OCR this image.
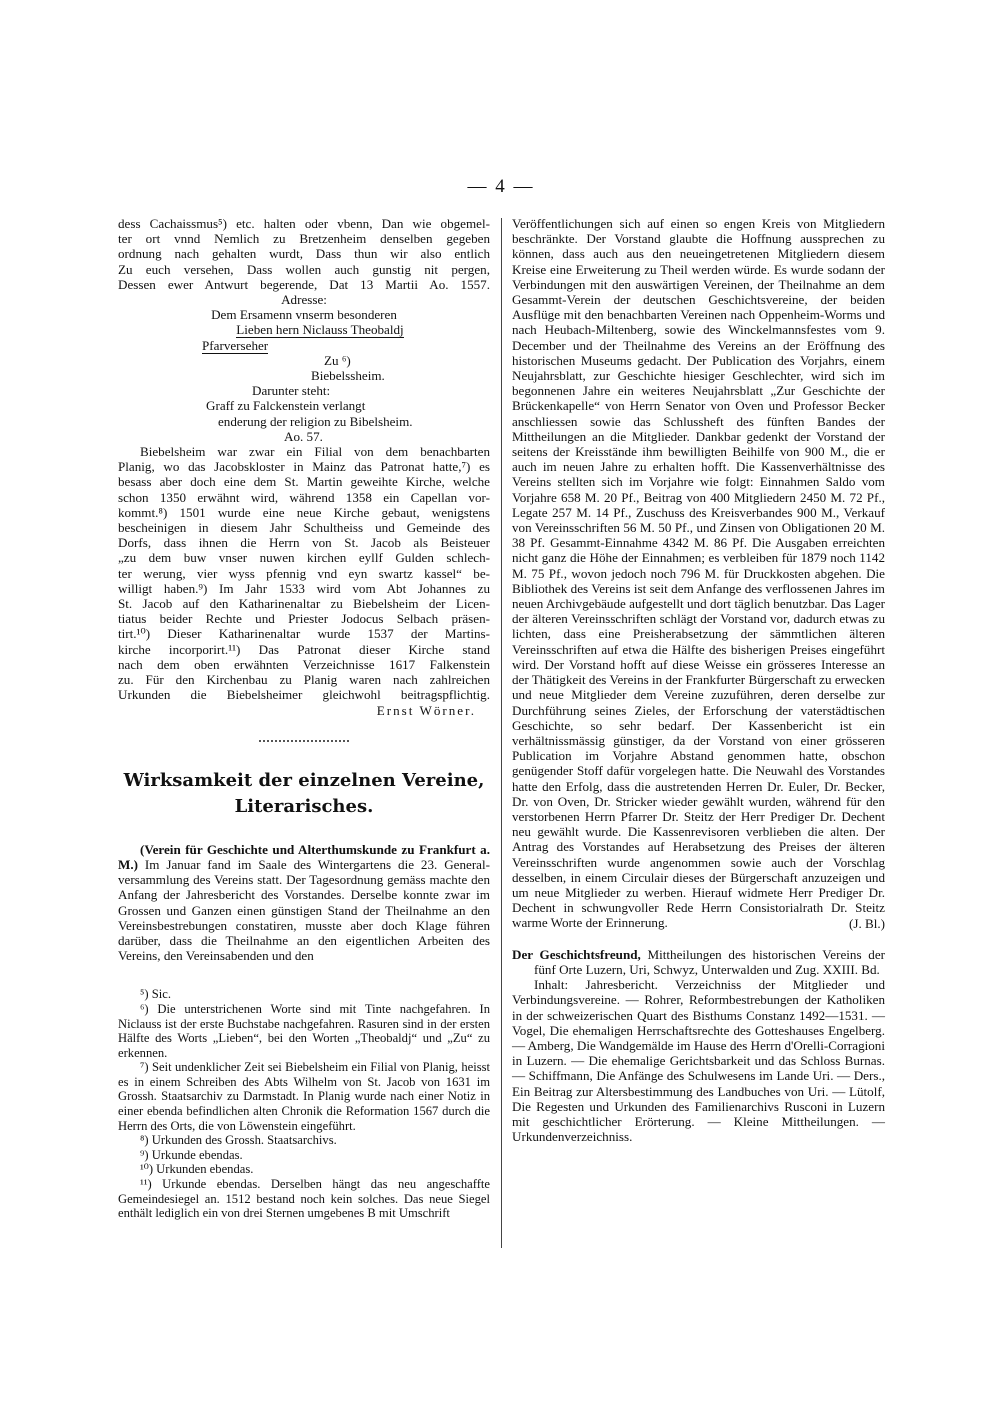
— 4 —

dess Cachaissmus⁵) etc. halten oder vbenn, Dan wie obgemel-

ter ort vnnd Nemlich zu Bretzenheim denselben gegeben

ordnung nach gehalten wurdt, Dass thun wir also entlich

Zu euch versehen, Dass wollen auch gunstig nit pergen,

Dessen ewer Antwurt begerende, Dat 13 Martii Ao. 1557.

Adresse:

Dem Ersamenn vnserm besonderen

Lieben hern Niclauss Theobaldj

Pfarverseher

Zu ⁶)

Biebelssheim.

Darunter steht:

Graff zu Falckenstein verlangt

enderung der religion zu Bibelsheim.

Ao. 57.

Biebelsheim war zwar ein Filial von dem benachbarten

Planig, wo das Jacobskloster in Mainz das Patronat hatte,⁷) es

besass aber doch eine dem St. Martin geweihte Kirche, welche

schon 1350 erwähnt wird, während 1358 ein Capellan vor-

kommt.⁸) 1501 wurde eine neue Kirche gebaut, wenigstens

bescheinigen in diesem Jahr Schultheiss und Gemeinde des

Dorfs, dass ihnen die Herrn von St. Jacob als Beisteuer

„zu dem buw vnser nuwen kirchen eyllf Gulden schlech-

ter werung, vier wyss pfennig vnd eyn swartz kassel“ be-

willigt haben.⁹) Im Jahr 1533 wird vom Abt Johannes zu

St. Jacob auf den Katharinenaltar zu Biebelsheim der Licen-

tiatus beider Rechte und Priester Jodocus Selbach präsen-

tirt.¹⁰) Dieser Katharinenaltar wurde 1537 der Martins-

kirche incorporirt.¹¹) Das Patronat dieser Kirche stand

nach dem oben erwähnten Verzeichnisse 1617 Falkenstein

zu. Für den Kirchenbau zu Planig waren nach zahlreichen

Urkunden die Biebelsheimer gleichwohl beitragspflichtig.

Ernst Wörner.

Wirksamkeit der einzelnen Vereine,

Literarisches.

(Verein für Geschichte und Alterthumskunde zu Frankfurt a. M.) Im Januar fand im Saale des Wintergartens die 23. General-versammlung des Vereins statt. Der Tagesordnung gemäss machte den Anfang der Jahresbericht des Vorstandes. Derselbe konnte zwar im Grossen und Ganzen einen günstigen Stand der Theilnahme an den Vereinsbestrebungen constatiren, musste aber doch Klage führen darüber, dass die Theilnahme an den eigentlichen Arbeiten des Vereins, den Vereinsabenden und den

⁵) Sic.

⁶) Die unterstrichenen Worte sind mit Tinte nachgefahren. In Niclauss ist der erste Buchstabe nachgefahren. Rasuren sind in der ersten Hälfte des Worts „Lieben“, bei den Worten „Theobaldj“ und „Zu“ zu erkennen.

⁷) Seit undenklicher Zeit sei Biebelsheim ein Filial von Planig, heisst es in einem Schreiben des Abts Wilhelm von St. Jacob von 1631 im Grossh. Staatsarchiv zu Darmstadt. In Planig wurde nach einer Notiz in einer ebenda befindlichen alten Chronik die Reformation 1567 durch die Herrn des Orts, die von Löwenstein eingeführt.

⁸) Urkunden des Grossh. Staatsarchivs.

⁹) Urkunde ebendas.

¹⁰) Urkunden ebendas.

¹¹) Urkunde ebendas. Derselben hängt das neu angeschaffte Gemeindesiegel an. 1512 bestand noch kein solches. Das neue Siegel enthält lediglich ein von drei Sternen umgebenes B mit Umschrift

Veröffentlichungen sich auf einen so engen Kreis von Mitgliedern beschränkte. Der Vorstand glaubte die Hoffnung aussprechen zu können, dass auch aus den neueingetretenen Mitgliedern diesem Kreise eine Erweiterung zu Theil werden würde. Es wurde sodann der Verbindungen mit den auswärtigen Vereinen, der Theilnahme an dem Gesammt-Verein der deutschen Geschichtsvereine, der beiden Ausflüge mit den benachbarten Vereinen nach Oppenheim-Worms und nach Heubach-Miltenberg, sowie des Winckelmannsfestes vom 9. December und der Theilnahme des Vereins an der Eröffnung des historischen Museums gedacht. Der Publication des Vorjahrs, einem Neujahrsblatt, zur Geschichte hiesiger Geschlechter, wird sich im begonnenen Jahre ein weiteres Neujahrsblatt „Zur Geschichte der Brückenkapelle“ von Herrn Senator von Oven und Professor Becker anschliessen sowie das Schlussheft des fünften Bandes der Mittheilungen an die Mitglieder. Dankbar gedenkt der Vorstand der seitens der Kreisstände ihm bewilligten Beihilfe von 900 M., die er auch im neuen Jahre zu erhalten hofft. Die Kassenverhältnisse des Vereins stellten sich im Vorjahre wie folgt: Einnahmen Saldo vom Vorjahre 658 M. 20 Pf., Beitrag von 400 Mitgliedern 2450 M. 72 Pf., Legate 257 M. 14 Pf., Zuschuss des Kreisverbandes 900 M., Verkauf von Vereinsschriften 56 M. 50 Pf., und Zinsen von Obligationen 20 M. 38 Pf. Gesammt-Einnahme 4342 M. 86 Pf. Die Ausgaben erreichten nicht ganz die Höhe der Einnahmen; es verbleiben für 1879 noch 1142 M. 75 Pf., wovon jedoch noch 796 M. für Druckkosten abgehen. Die Bibliothek des Vereins ist seit dem Anfange des verflossenen Jahres im neuen Archivgebäude aufgestellt und dort täglich benutzbar. Das Lager der älteren Vereinsschriften schlägt der Vorstand vor, dadurch etwas zu lichten, dass eine Preisherabsetzung der sämmtlichen älteren Vereinsschriften auf etwa die Hälfte des bisherigen Preises eingeführt wird. Der Vorstand hofft auf diese Weisse ein grösseres Interesse an der Thätigkeit des Vereins in der Frankfurter Bürgerschaft zu erwecken und neue Mitglieder dem Vereine zuzuführen, deren derselbe zur Durchführung seines Zieles, der Erforschung der vaterstädtischen Geschichte, so sehr bedarf. Der Kassenbericht ist ein verhältnissmässig günstiger, da der Vorstand von einer grösseren Publication im Vorjahre Abstand genommen hatte, obschon genügender Stoff dafür vorgelegen hatte. Die Neuwahl des Vorstandes hatte den Erfolg, dass die austretenden Herren Dr. Euler, Dr. Becker, Dr. von Oven, Dr. Stricker wieder gewählt wurden, während für den verstorbenen Herrn Pfarrer Dr. Steitz der Herr Prediger Dr. Dechent neu gewählt wurde. Die Kassenrevisoren verblieben die alten. Der Antrag des Vorstandes auf Herabsetzung des Preises der älteren Vereinsschriften wurde angenommen sowie auch der Vorschlag desselben, in einem Circulair dieses der Bürgerschaft anzuzeigen und um neue Mitglieder zu werben. Hierauf widmete Herr Prediger Dr. Dechent in schwungvoller Rede Herrn Consistorialrath Dr. Steitz warme Worte der Erinnerung.	(J. Bl.)

Der Geschichtsfreund, Mittheilungen des historischen Vereins der fünf Orte Luzern, Uri, Schwyz, Unterwalden und Zug. XXIII. Bd.

Inhalt: Jahresbericht. Verzeichniss der Mitglieder und Verbindungsvereine. — Rohrer, Reformbestrebungen der Katholiken in der schweizerischen Quart des Bisthums Constanz 1492—1531. — Vogel, Die ehemaligen Herrschaftsrechte des Gotteshauses Engelberg. — Amberg, Die Wandgemälde im Hause des Herrn d'Orelli-Corragioni in Luzern. — Die ehemalige Gerichtsbarkeit und das Schloss Burnas. — Schiffmann, Die Anfänge des Schulwesens im Lande Uri. — Ders., Ein Beitrag zur Altersbestimmung des Landbuches von Uri. — Lütolf, Die Regesten und Urkunden des Familienarchivs Rusconi in Luzern mit geschichtlicher Erörterung. — Kleine Mittheilungen. — Urkundenverzeichniss.
